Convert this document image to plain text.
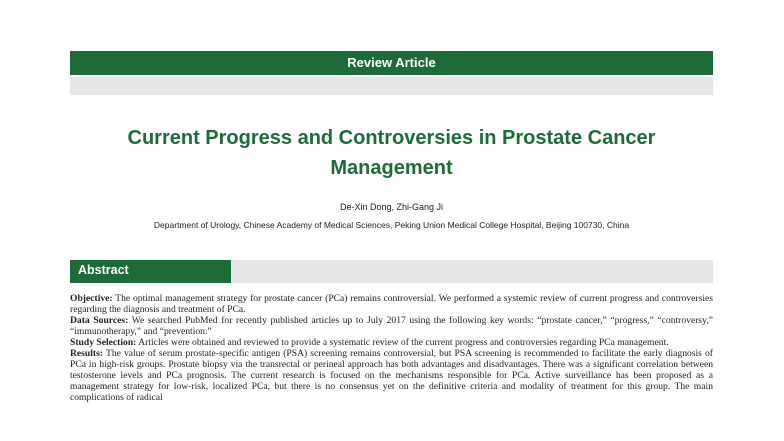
Review Article
Current Progress and Controversies in Prostate Cancer Management
De-Xin Dong, Zhi-Gang Ji
Department of Urology, Chinese Academy of Medical Sciences, Peking Union Medical College Hospital, Beijing 100730, China
Abstract

Objective: The optimal management strategy for prostate cancer (PCa) remains controversial. We performed a systemic review of current progress and controversies regarding the diagnosis and treatment of PCa.

Data Sources: We searched PubMed for recently published articles up to July 2017 using the following key words: “prostate cancer,” “progress,” “controversy,” “immunotherapy,” and “prevention.”

Study Selection: Articles were obtained and reviewed to provide a systematic review of the current progress and controversies regarding PCa management.

Results: The value of serum prostate-specific antigen (PSA) screening remains controversial, but PSA screening is recommended to facilitate the early diagnosis of PCa in high-risk groups. Prostate biopsy via the transrectal or perineal approach has both advantages and disadvantages. There was a significant correlation between testosterone levels and PCa prognosis. The current research is focused on the mechanisms responsible for PCa. Active surveillance has been proposed as a management strategy for low-risk, localized PCa, but there is no consensus yet on the definitive criteria and modality of treatment for this group. The main complications of radical
